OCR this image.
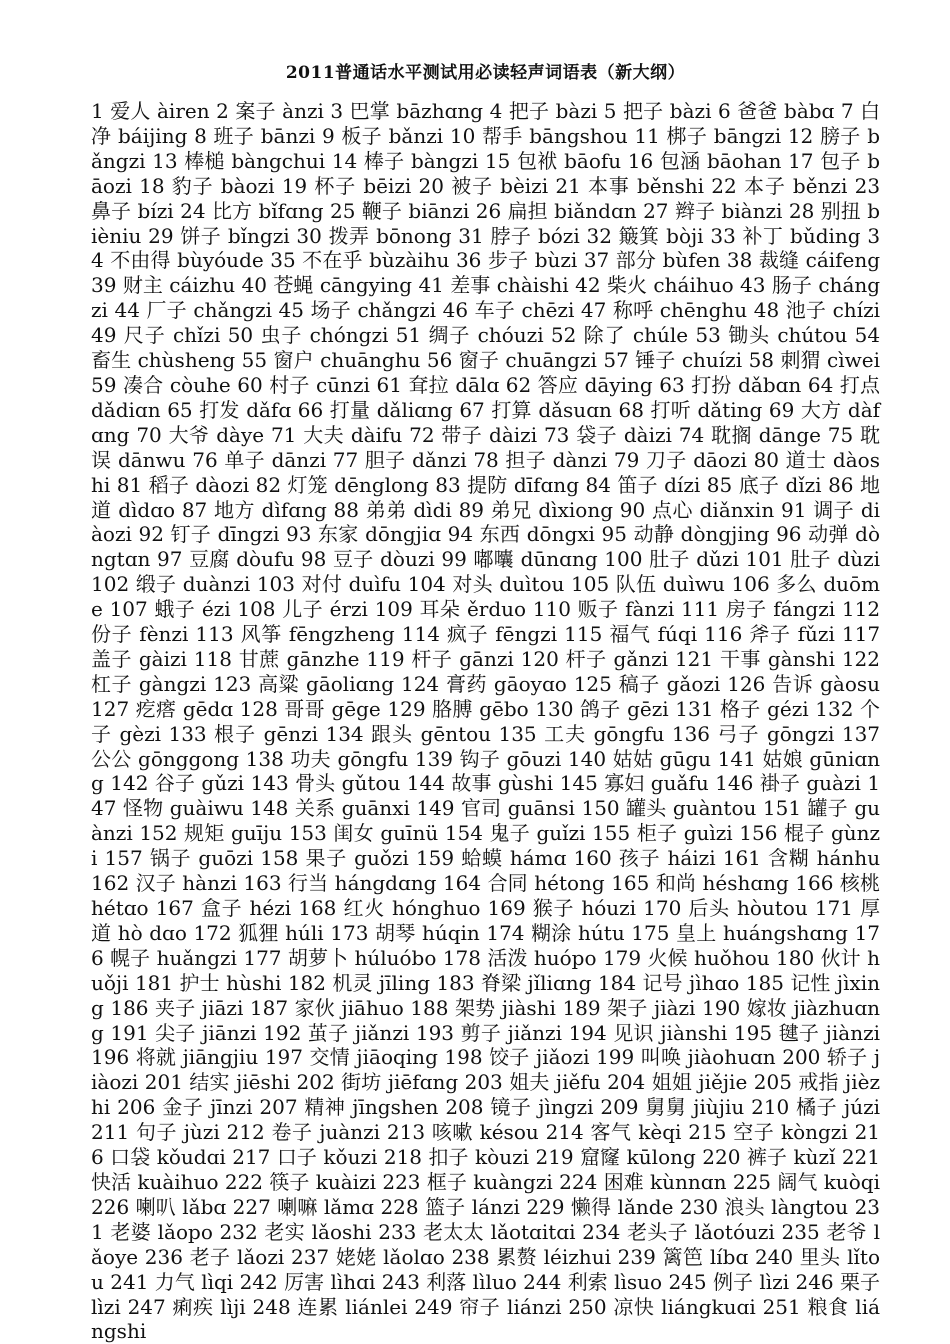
2011普通话水平测试用必读轻声词语表（新大纲）

1 爱人 àiren 2 案子 ànzi 3 巴掌 bāzhɑng 4 把子 bàzi 5 把子 bàzi 6 爸爸 bàbɑ 7 白净 báijing 8 班子 bānzi 9 板子 bǎnzi 10 帮手 bāngshou 11 梆子 bāngzi 12 膀子 bǎngzi 13 棒槌 bàngchui 14 棒子 bàngzi 15 包袱 bāofu 16 包涵 bāohan 17 包子 bāozi 18 豹子 bàozi 19 杯子 bēizi 20 被子 bèizi 21 本事 běnshi 22 本子 běnzi 23 鼻子 bízi 24 比方 bǐfɑng 25 鞭子 biānzi 26 扁担 biǎndɑn 27 辫子 biànzi 28 别扭 bièniu 29 饼子 bǐngzi 30 拨弄 bōnong 31 脖子 bózi 32 簸箕 bòji 33 补丁 bǔding 34 不由得 bùyóude 35 不在乎 bùzàihu 36 步子 bùzi 37 部分 bùfen 38 裁缝 cáifeng 39 财主 cáizhu 40 苍蝇 cāngying 41 差事 chàishi 42 柴火 cháihuo 43 肠子 chángzi 44 厂子 chǎngzi 45 场子 chǎngzi 46 车子 chēzi 47 称呼 chēnghu 48 池子 chízi 49 尺子 chǐzi 50 虫子 chóngzi 51 绸子 chóuzi 52 除了 chúle 53 锄头 chútou 54 畜生 chùsheng 55 窗户 chuānghu 56 窗子 chuāngzi 57 锤子 chuízi 58 刺猬 cìwei 59 凑合 còuhe 60 村子 cūnzi 61 耷拉 dālɑ 62 答应 dāying 63 打扮 dǎbɑn 64 打点 dǎdiɑn 65 打发 dǎfɑ 66 打量 dǎliɑng 67 打算 dǎsuɑn 68 打听 dǎting 69 大方 dàfɑng 70 大爷 dàye 71 大夫 dàifu 72 带子 dàizi 73 袋子 dàizi 74 耽搁 dānge 75 耽误 dānwu 76 单子 dānzi 77 胆子 dǎnzi 78 担子 dànzi 79 刀子 dāozi 80 道士 dàoshi 81 稻子 dàozi 82 灯笼 dēnglong 83 提防 dīfɑng 84 笛子 dízi 85 底子 dǐzi 86 地道 dìdɑo 87 地方 dìfɑng 88 弟弟 dìdi 89 弟兄 dìxiong 90 点心 diǎnxin 91 调子 diàozi 92 钉子 dīngzi 93 东家 dōngjiɑ 94 东西 dōngxi 95 动静 dòngjing 96 动弹 dòngtɑn 97 豆腐 dòufu 98 豆子 dòuzi 99 嘟囔 dūnɑng 100 肚子 dǔzi 101 肚子 dùzi 102 缎子 duànzi 103 对付 duìfu 104 对头 duìtou 105 队伍 duìwu 106 多么 duōme 107 蛾子 ézi 108 儿子 érzi 109 耳朵 ěrduo 110 贩子 fànzi 111 房子 fángzi 112 份子 fènzi 113 风筝 fēngzheng 114 疯子 fēngzi 115 福气 fúqi 116 斧子 fǔzi 117 盖子 gàizi 118 甘蔗 gānzhe 119 杆子 gānzi 120 杆子 gǎnzi 121 干事 gànshi 122 杠子 gàngzi 123 高粱 gāoliɑng 124 膏药 gāoyɑo 125 稿子 gǎozi 126 告诉 gàosu 127 疙瘩 gēdɑ 128 哥哥 gēge 129 胳膊 gēbo 130 鸽子 gēzi 131 格子 gézi 132 个子 gèzi 133 根子 gēnzi 134 跟头 gēntou 135 工夫 gōngfu 136 弓子 gōngzi 137 公公 gōnggong 138 功夫 gōngfu 139 钩子 gōuzi 140 姑姑 gūgu 141 姑娘 gūniɑng 142 谷子 gǔzi 143 骨头 gǔtou 144 故事 gùshi 145 寡妇 guǎfu 146 褂子 guàzi 147 怪物 guàiwu 148 关系 guānxi 149 官司 guānsi 150 罐头 guàntou 151 罐子 guànzi 152 规矩 guīju 153 闺女 guīnü 154 鬼子 guǐzi 155 柜子 guìzi 156 棍子 gùnzi 157 锅子 guōzi 158 果子 guǒzi 159 蛤蟆 hámɑ 160 孩子 háizi 161 含糊 hánhu 162 汉子 hànzi 163 行当 hángdɑng 164 合同 hétong 165 和尚 héshɑng 166 核桃 hétɑo 167 盒子 hézi 168 红火 hónghuo 169 猴子 hóuzi 170 后头 hòutou 171 厚道 hò dɑo 172 狐狸 húli 173 胡琴 húqin 174 糊涂 hútu 175 皇上 huángshɑng 176 幌子 huǎngzi 177 胡萝卜 húluóbo 178 活泼 huópo 179 火候 huǒhou 180 伙计 huǒji 181 护士 hùshi 182 机灵 jīling 183 脊梁 jǐliɑng 184 记号 jìhɑo 185 记性 jìxing 186 夹子 jiāzi 187 家伙 jiāhuo 188 架势 jiàshi 189 架子 jiàzi 190 嫁妆 jiàzhuɑng 191 尖子 jiānzi 192 茧子 jiǎnzi 193 剪子 jiǎnzi 194 见识 jiànshi 195 毽子 jiànzi 196 将就 jiāngjiu 197 交情 jiāoqing 198 饺子 jiǎozi 199 叫唤 jiàohuɑn 200 轿子 jiàozi 201 结实 jiēshi 202 街坊 jiēfɑng 203 姐夫 jiěfu 204 姐姐 jiějie 205 戒指 jièzhi 206 金子 jīnzi 207 精神 jīngshen 208 镜子 jìngzi 209 舅舅 jiùjiu 210 橘子 júzi 211 句子 jùzi 212 卷子 juànzi 213 咳嗽 késou 214 客气 kèqi 215 空子 kòngzi 216 口袋 kǒudɑi 217 口子 kǒuzi 218 扣子 kòuzi 219 窟窿 kūlong 220 裤子 kùzǐ 221 快活 kuàihuo 222 筷子 kuàizi 223 框子 kuàngzi 224 困难 kùnnɑn 225 阔气 kuòqi 226 喇叭 lǎbɑ 227 喇嘛 lǎmɑ 228 篮子 lánzi 229 懒得 lǎnde 230 浪头 làngtou 231 老婆 lǎopo 232 老实 lǎoshi 233 老太太 lǎotɑitɑi 234 老头子 lǎotóuzi 235 老爷 lǎoye 236 老子 lǎozi 237 姥姥 lǎolɑo 238 累赘 léizhui 239 篱笆 líbɑ 240 里头 lǐtou 241 力气 lìqi 242 厉害 lìhɑi 243 利落 lìluo 244 利索 lìsuo 245 例子 lìzi 246 栗子 lìzi 247 痢疾 lìji 248 连累 liánlei 249 帘子 liánzi 250 凉快 liángkuɑi 251 粮食 liángshi
